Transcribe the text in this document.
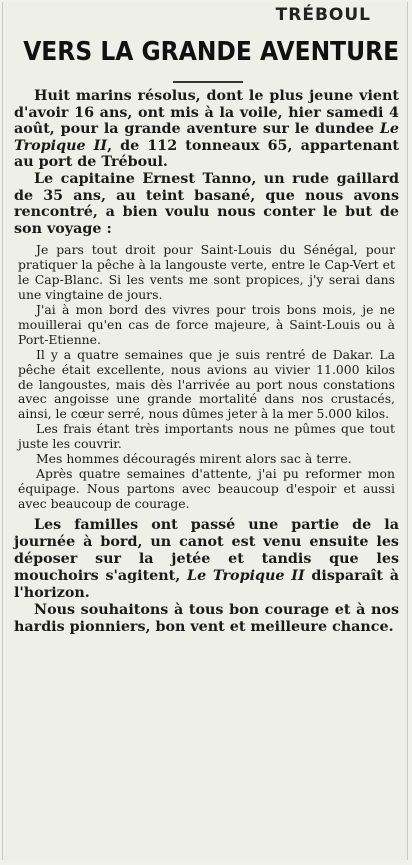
TRÉBOUL
VERS LA GRANDE AVENTURE

Huit marins résolus, dont le plus jeune vient d'avoir 16 ans, ont mis à la voile, hier samedi 4 août, pour la grande aventure sur le dundee Le Tropique II, de 112 tonneaux 65, appartenant au port de Tréboul.

Le capitaine Ernest Tanno, un rude gaillard de 35 ans, au teint basané, que nous avons rencontré, a bien voulu nous conter le but de son voyage :

Je pars tout droit pour Saint-Louis du Sénégal, pour pratiquer la pêche à la langouste verte, entre le Cap-Vert et le Cap-Blanc. Si les vents me sont propices, j'y serai dans une vingtaine de jours.

J'ai à mon bord des vivres pour trois bons mois, je ne mouillerai qu'en cas de force majeure, à Saint-Louis ou à Port-Etienne.

Il y a quatre semaines que je suis rentré de Dakar. La pêche était excellente, nous avions au vivier 11.000 kilos de langoustes, mais dès l'arrivée au port nous constations avec angoisse une grande mortalité dans nos crustacés, ainsi, le cœur serré, nous dûmes jeter à la mer 5.000 kilos.

Les frais étant très importants nous ne pûmes que tout juste les couvrir.

Mes hommes découragés mirent alors sac à terre.

Après quatre semaines d'attente, j'ai pu reformer mon équipage. Nous partons avec beaucoup d'espoir et aussi avec beaucoup de courage.

Les familles ont passé une partie de la journée à bord, un canot est venu ensuite les déposer sur la jetée et tandis que les mouchoirs s'agitent, Le Tropique II disparaît à l'horizon.

Nous souhaitons à tous bon courage et à nos hardis pionniers, bon vent et meilleure chance.
